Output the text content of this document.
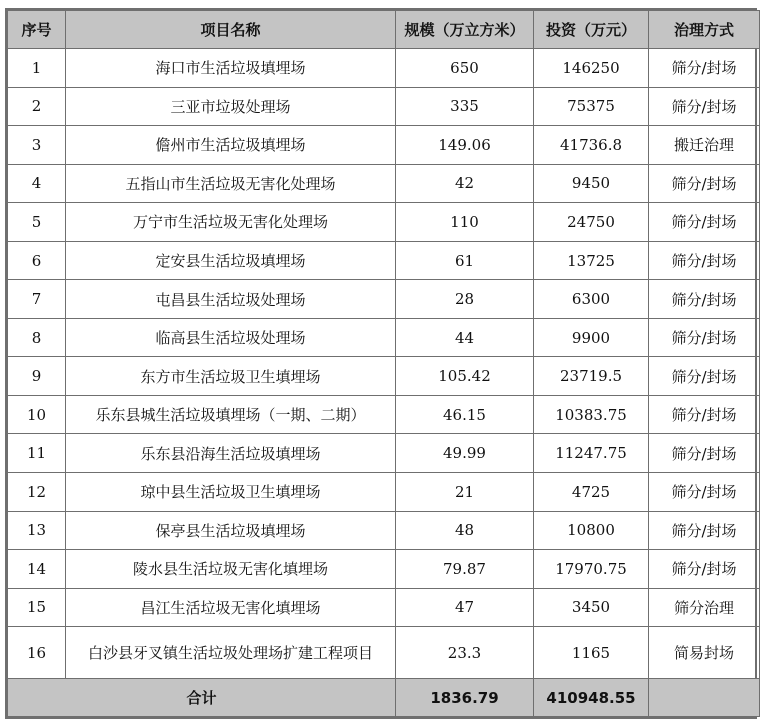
序号	项目名称	规模（万立方米）	投资（万元）	治理方式
1	海口市生活垃圾填埋场	650	146250	筛分/封场
2	三亚市垃圾处理场	335	75375	筛分/封场
3	儋州市生活垃圾填埋场	149.06	41736.8	搬迁治理
4	五指山市生活垃圾无害化处理场	42	9450	筛分/封场
5	万宁市生活垃圾无害化处理场	110	24750	筛分/封场
6	定安县生活垃圾填埋场	61	13725	筛分/封场
7	屯昌县生活垃圾处理场	28	6300	筛分/封场
8	临高县生活垃圾处理场	44	9900	筛分/封场
9	东方市生活垃圾卫生填埋场	105.42	23719.5	筛分/封场
10	乐东县城生活垃圾填埋场（一期、二期）	46.15	10383.75	筛分/封场
11	乐东县沿海生活垃圾填埋场	49.99	11247.75	筛分/封场
12	琼中县生活垃圾卫生填埋场	21	4725	筛分/封场
13	保亭县生活垃圾填埋场	48	10800	筛分/封场
14	陵水县生活垃圾无害化填埋场	79.87	17970.75	筛分/封场
15	昌江生活垃圾无害化填埋场	47	3450	筛分治理
16	白沙县牙叉镇生活垃圾处理场扩建工程项目	23.3	1165	简易封场
合计		1836.79	410948.55	
